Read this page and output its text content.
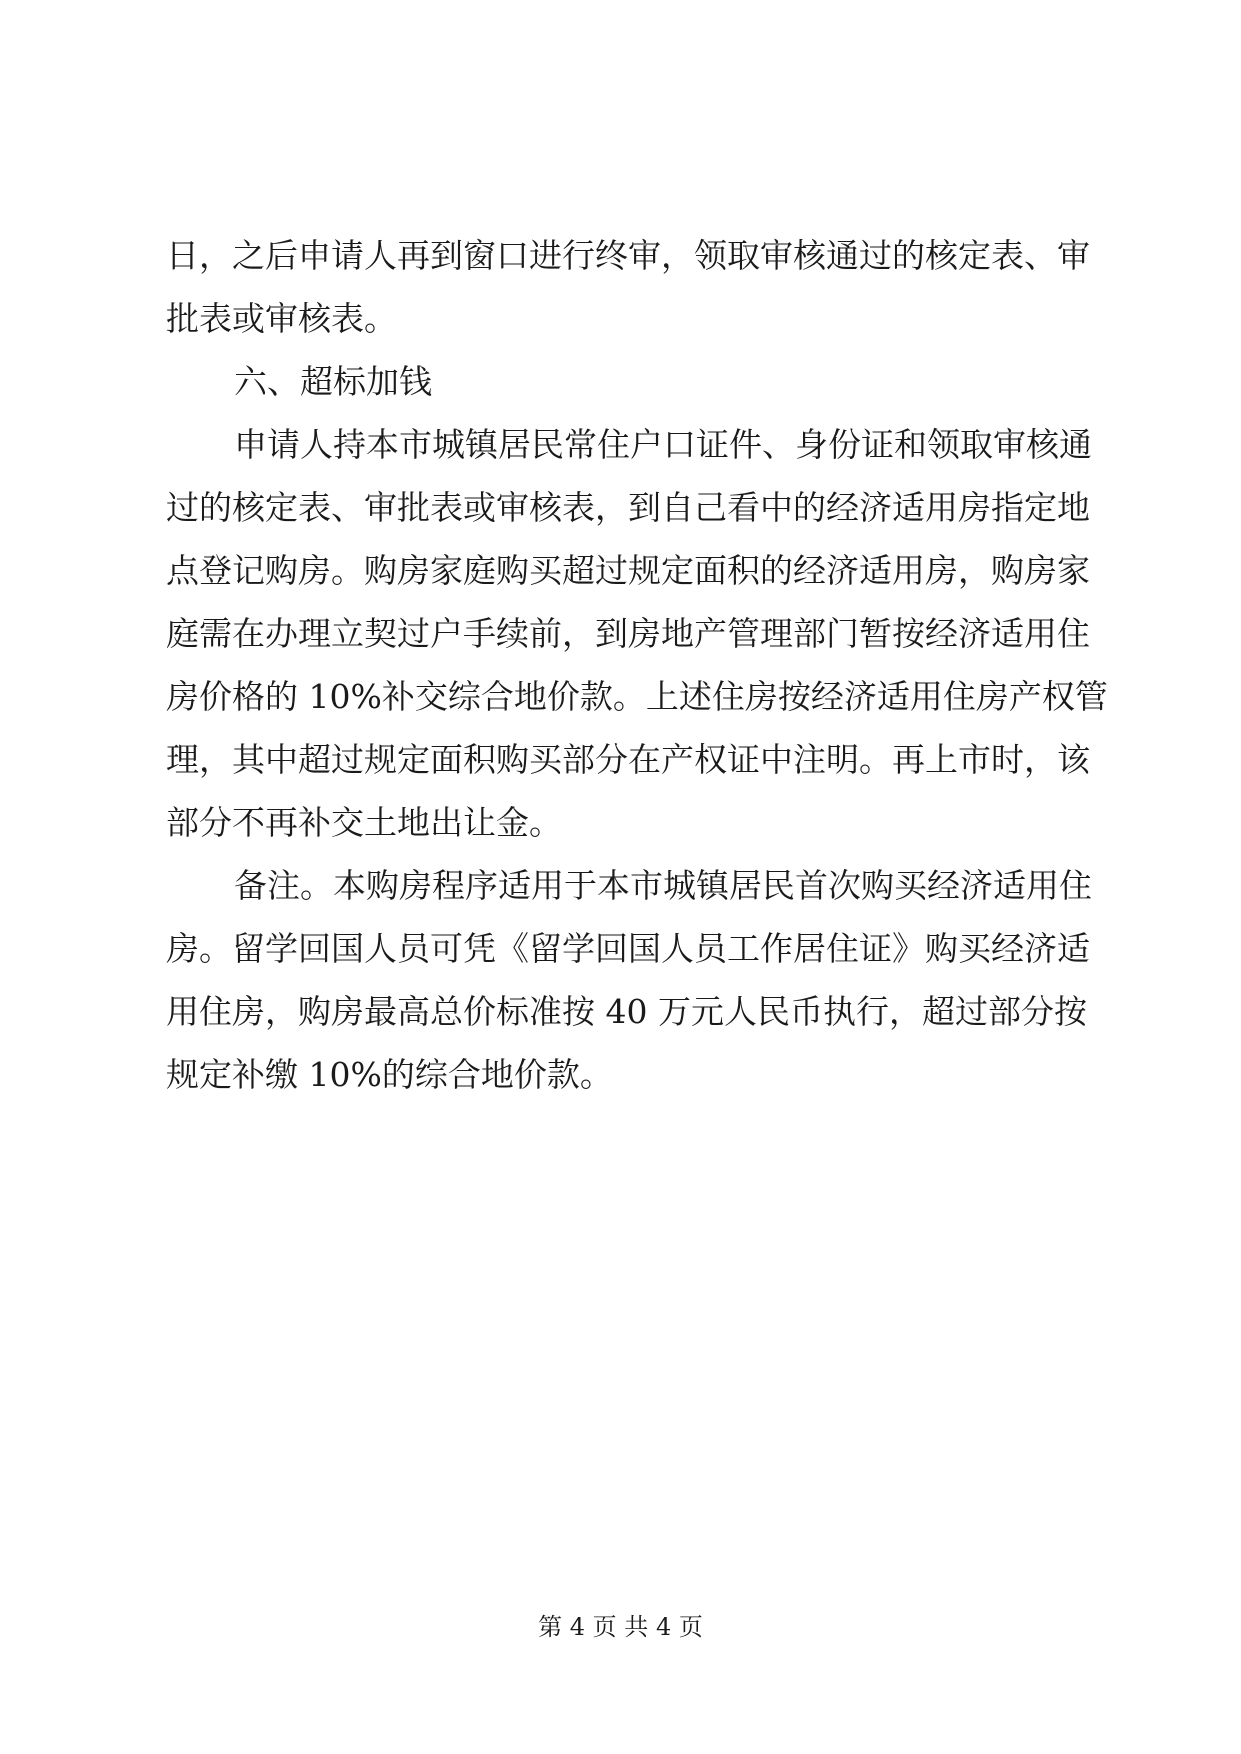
日，之后申请人再到窗口进行终审，领取审核通过的核定表、审
批表或审核表。
六、超标加钱
申请人持本市城镇居民常住户口证件、身份证和领取审核通
过的核定表、审批表或审核表，到自己看中的经济适用房指定地
点登记购房。购房家庭购买超过规定面积的经济适用房，购房家
庭需在办理立契过户手续前，到房地产管理部门暂按经济适用住
房价格的 10%补交综合地价款。上述住房按经济适用住房产权管
理，其中超过规定面积购买部分在产权证中注明。再上市时，该
部分不再补交土地出让金。
备注。本购房程序适用于本市城镇居民首次购买经济适用住
房。留学回国人员可凭《留学回国人员工作居住证》购买经济适
用住房，购房最高总价标准按 40 万元人民币执行，超过部分按
规定补缴 10%的综合地价款。
第 4 页 共 4 页
